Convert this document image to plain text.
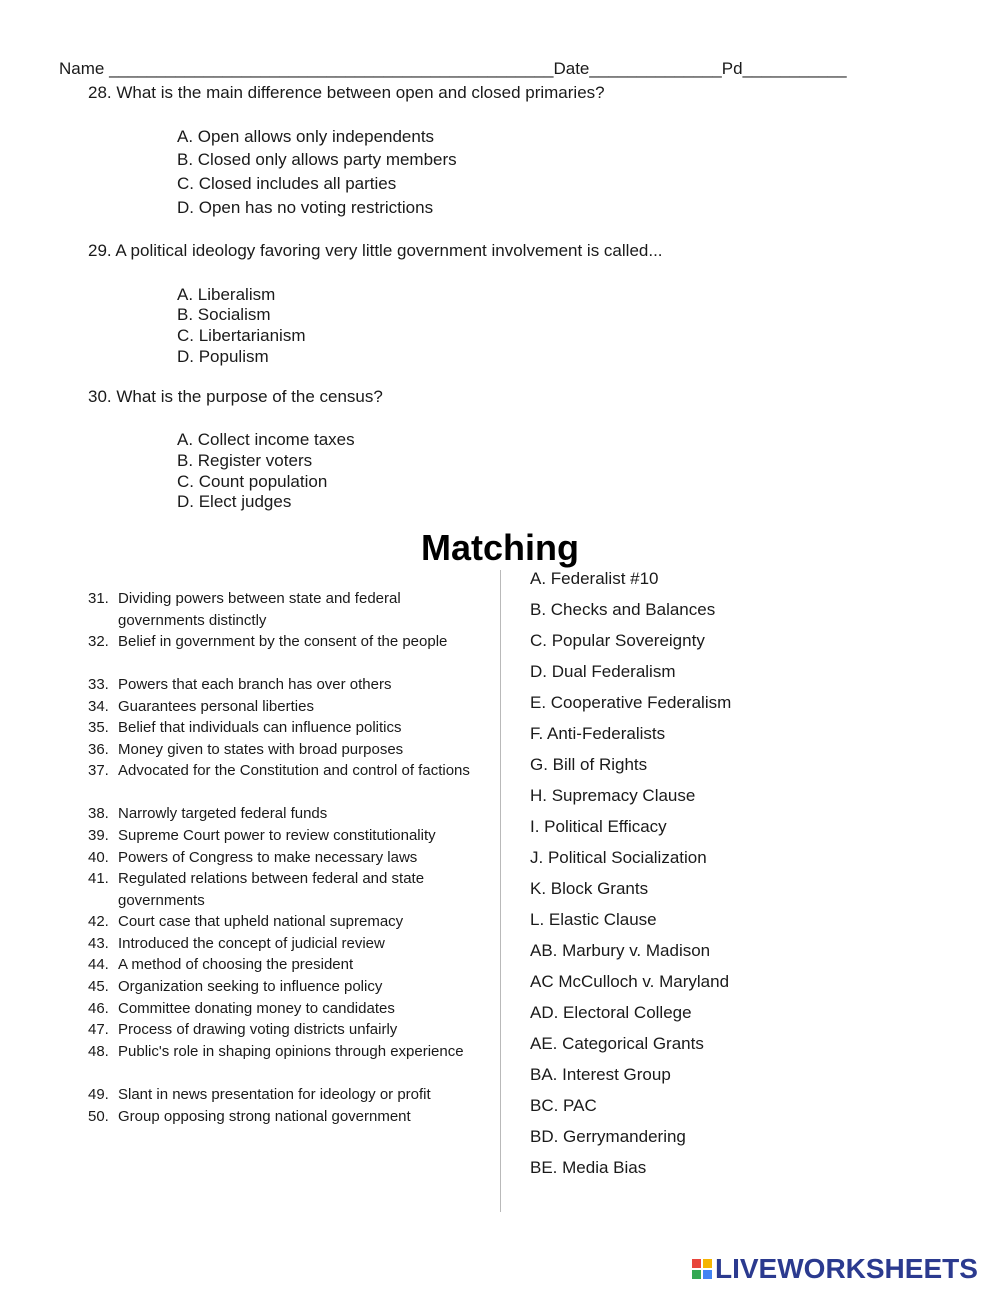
Name _______________________________________________Date______________Pd___________
28. What is the main difference between open and closed primaries?
A. Open allows only independents
B. Closed only allows party members
C. Closed includes all parties
D. Open has no voting restrictions
29. A political ideology favoring very little government involvement is called...
A. Liberalism
B. Socialism
C. Libertarianism
D. Populism
30. What is the purpose of the census?
A. Collect income taxes
B. Register voters
C. Count population
D. Elect judges
Matching
31. Dividing powers between state and federal governments distinctly
32. Belief in government by the consent of the people
33. Powers that each branch has over others
34. Guarantees personal liberties
35. Belief that individuals can influence politics
36. Money given to states with broad purposes
37. Advocated for the Constitution and control of factions
38. Narrowly targeted federal funds
39. Supreme Court power to review constitutionality
40. Powers of Congress to make necessary laws
41. Regulated relations between federal and state governments
42. Court case that upheld national supremacy
43. Introduced the concept of judicial review
44. A method of choosing the president
45. Organization seeking to influence policy
46. Committee donating money to candidates
47. Process of drawing voting districts unfairly
48. Public's role in shaping opinions through experience
49. Slant in news presentation for ideology or profit
50. Group opposing strong national government
A. Federalist #10
B. Checks and Balances
C. Popular Sovereignty
D. Dual Federalism
E. Cooperative Federalism
F. Anti-Federalists
G. Bill of Rights
H. Supremacy Clause
I. Political Efficacy
J. Political Socialization
K. Block Grants
L. Elastic Clause
AB. Marbury v. Madison
AC McCulloch v. Maryland
AD. Electoral College
AE. Categorical Grants
BA. Interest Group
BC. PAC
BD. Gerrymandering
BE. Media Bias
LIVEWORKSHEETS
